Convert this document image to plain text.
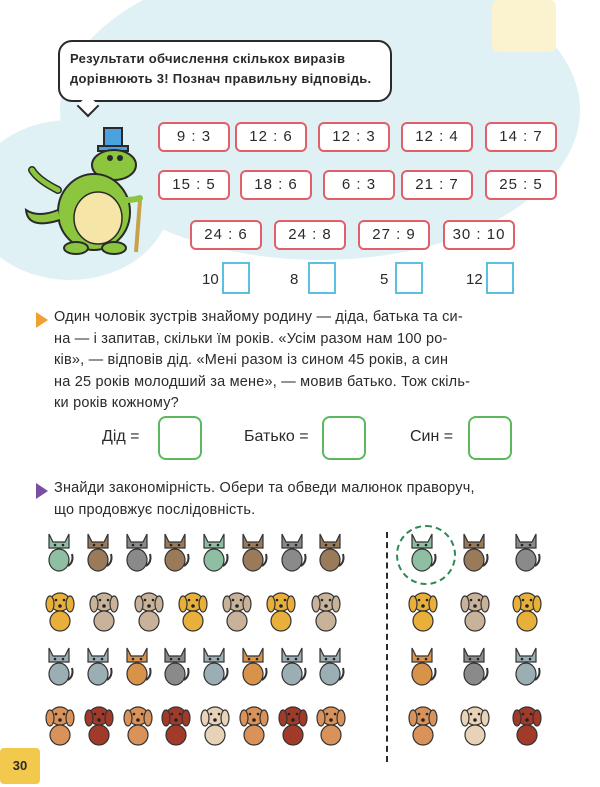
Результати обчислення скількох виразів
дорівнюють 3! Познач правильну відповідь.
9 : 3	12 : 6	12 : 3	12 : 4	14 : 7
15 : 5	18 : 6	6 : 3	21 : 7	25 : 5
24 : 6	24 : 8	27 : 9	30 : 10
10	8	5	12
Один чоловік зустрів знайому родину — діда, батька та си-
на — і запитав, скільки їм років. «Усім разом нам 100 ро-
ків», — відповів дід. «Мені разом із сином 45 років, а син
на 25 років молодший за мене», — мовив батько. Тож скіль-
ки років кожному?
Дід =	Батько =	Син =
Знайди закономірність. Обери та обведи малюнок праворуч,
що продовжує послідовність.
30
